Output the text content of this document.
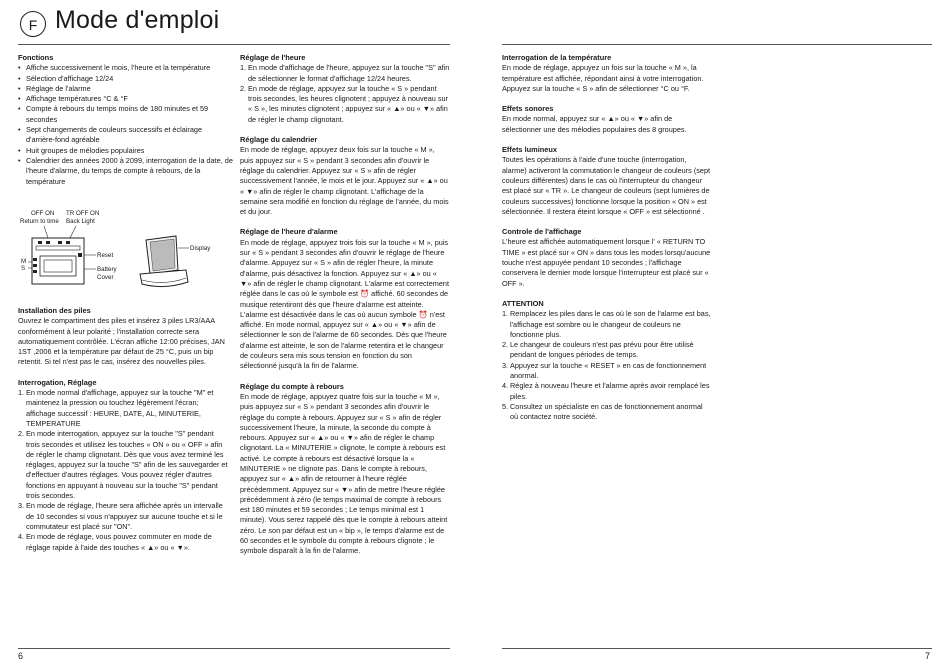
F Mode d'emploi
Fonctions
• Affiche successivement le mois, l'heure et la température
• Sélection d'affichage 12/24
• Réglage de l'alarme
• Affichage températures °C & °F
• Compte à rebours du temps moins de 180 minutes et 59 secondes
• Sept changements de couleurs successifs et éclairage d'arrière-fond agréable
• Huit groupes de mélodies populaires
• Calendrier des années 2000 à 2099, interrogation de la date, de l'heure d'alarme, du temps de compte à rebours, de la température
OFF ON
Return to time
TR OFF ON
Back Light
Reset
Battery
Cover
Display
M
S
Installation des piles

Ouvrez le compartiment des piles et insérez 3 piles LR3/AAA conformément à leur polarité ; l'installation correcte sera automatiquement contrôlée. L'écran affiche 12:00 précises, JAN 1ST ,2006 et la température par défaut de 25 °C, puis un bip retentit. Si tel n'est pas le cas, insérez des nouvelles piles.

Interrogation, Réglage
1. En mode normal d'affichage, appuyez sur la touche "M" et maintenez la pression ou touchez légèrement l'écran; affichage successif : HEURE, DATE, AL, MINUTERIE, TEMPERATURE
2. En mode interrogation, appuyez sur la touche "S" pendant trois secondes et utilisez les touches « ON » ou « OFF » afin de régler le champ clignotant. Dès que vous avez terminé les réglages, appuyez sur la touche "S" afin de les sauvegarder et d'effectuer d'autres réglages. Vous pouvez régler d'autres fonctions en appuyant à nouveau sur la touche "S" pendant trois secondes.
3. En mode de réglage, l'heure sera affichée après un intervalle de 10 secondes si vous n'appuyez sur aucune touche et si le commutateur est placé sur "ON".
4. En mode de réglage, vous pouvez commuter en mode de réglage rapide à l'aide des touches « ▲» ou « ▼».
Réglage de l'heure
1. En mode d'affichage de l'heure, appuyez sur la touche "S" afin de sélectionner le format d'affichage 12/24 heures.
2. En mode de réglage, appuyez sur la touche « S » pendant trois secondes, les heures clignotent ; appuyez à nouveau sur « S », les minutes clignotent ; appuyez sur « ▲» ou « ▼» afin de régler le champ clignotant.
Réglage du calendrier

En mode de réglage, appuyez deux fois sur la touche « M », puis appuyez sur « S » pendant 3 secondes afin d'ouvrir le réglage du calendrier. Appuyez sur « S » afin de régler successivement l'année, le mois et le jour. Appuyez sur « ▲» ou « ▼» afin de régler le champ clignotant. L'affichage de la semaine sera modifié en fonction du réglage de l'année, du mois et du jour.

Réglage de l'heure d'alarme

En mode de réglage, appuyez trois fois sur la touche « M », puis sur « S » pendant 3 secondes afin d'ouvrir le réglage de l'heure d'alarme. Appuyez sur « S » afin de régler l'heure, la minute d'alarme, puis désactivez la fonction. Appuyez sur « ▲» ou « ▼» afin de régler le champ clignotant. L'alarme est correctement réglée dans le cas où le symbole est ⏰ affiché. 60 secondes de musique retentiront dès que l'heure d'alarme est atteinte. L'alarme est désactivée dans le cas où aucun symbole ⏰ n'est affiché. En mode normal, appuyez sur « ▲» ou « ▼» afin de sélectionner le son de l'alarme de 60 secondes. Dès que l'heure d'alarme est atteinte, le son de l'alarme retentira et le changeur de couleurs sera mis sous tension en fonction du son sélectionné jusqu'à la fin de l'alarme.

Réglage du compte à rebours

En mode de réglage, appuyez quatre fois sur la touche « M », puis appuyez sur « S » pendant 3 secondes afin d'ouvrir le réglage du compte à rebours. Appuyez sur « S » afin de régler successivement l'heure, la minute, la seconde du compte à rebours. Appuyez sur « ▲» ou « ▼» afin de régler le champ clignotant. La « MINUTERIE » clignote, le compte à rebours est activé. Le compte à rebours est désactivé lorsque la « MINUTERIE » ne clignote pas. Dans le compte à rebours, appuyez sur « ▲» afin de retourner à l'heure réglée précédemment. Appuyez sur « ▼» afin de mettre l'heure réglée précédemment à zéro (le temps maximal de compte à rebours est 180 minutes et 59 secondes ; Le temps minimal est 1 minute). Vous serez rappelé dès que le compte à rebours atteint zéro. Le son par défaut est un « bip », le temps d'alarme est de 60 secondes et le symbole du compte à rebours clignote ; le symbole disparaît à la fin de l'alarme.

Interrogation de la température

En mode de réglage, appuyez un fois sur la touche « M », la température est affichée, répondant ainsi à votre interrogation. Appuyez sur la touche « S » afin de sélectionner °C ou °F.

Effets sonores

En mode normal, appuyez sur « ▲» ou « ▼» afin de sélectionner une des mélodies populaires des 8 groupes.

Effets lumineux

Toutes les opérations à l'aide d'une touche (interrogation, alarme) activeront la commutation le changeur de couleurs (sept couleurs différentes) dans le cas où l'interrupteur du changeur est placé sur « TR ». Le changeur de couleurs (sept lumières de couleurs successives) fonctionne lorsque la position « ON » est sélectionnée. Il restera éteint lorsque « OFF » est sélectionné .

Controle de l'affichage

L'heure est affichée automatiquement lorsque l' « RETURN TO TIME » est placé sur « ON » dans tous les modes lorsqu'aucune touche n'est appuyée pendant 10 secondes ; l'affichage conservera le dernier mode lorsque l'interrupteur est placé sur « OFF ».

ATTENTION
1. Remplacez les piles dans le cas où le son de l'alarme est bas, l'affichage est sombre ou le changeur de couleurs ne fonctionne plus.
2. Le changeur de couleurs n'est pas prévu pour être utilisé pendant de longues périodes de temps.
3. Appuyez sur la touche « RESET » en cas de fonctionnement anormal.
4. Réglez à nouveau l'heure et l'alarme après avoir remplacé les piles.
5. Consultez un spécialiste en cas de fonctionnement anormal où contactez notre société.
6	7
